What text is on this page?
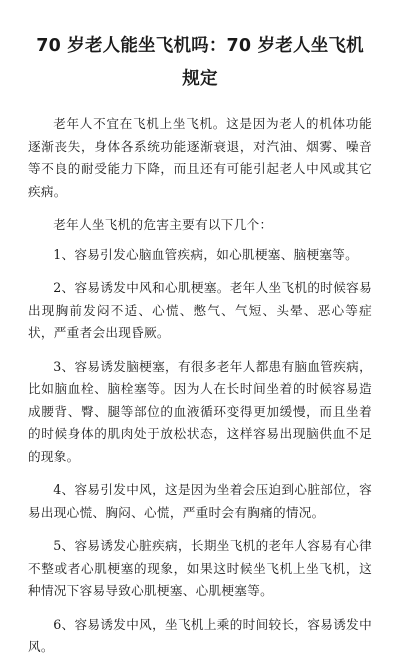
70 岁老人能坐飞机吗：70 岁老人坐飞机规定

老年人不宜在飞机上坐飞机。这是因为老人的机体功能逐渐丧失，身体各系统功能逐渐衰退，对汽油、烟雾、噪音等不良的耐受能力下降，而且还有可能引起老人中风或其它疾病。

老年人坐飞机的危害主要有以下几个：

1、容易引发心脑血管疾病，如心肌梗塞、脑梗塞等。

2、容易诱发中风和心肌梗塞。老年人坐飞机的时候容易出现胸前发闷不适、心慌、憋气、气短、头晕、恶心等症状，严重者会出现昏厥。

3、容易诱发脑梗塞，有很多老年人都患有脑血管疾病，比如脑血栓、脑栓塞等。因为人在长时间坐着的时候容易造成腰背、臀、腿等部位的血液循环变得更加缓慢，而且坐着的时候身体的肌肉处于放松状态，这样容易出现脑供血不足的现象。

4、容易引发中风，这是因为坐着会压迫到心脏部位，容易出现心慌、胸闷、心慌，严重时会有胸痛的情况。

5、容易诱发心脏疾病，长期坐飞机的老年人容易有心律不整或者心肌梗塞的现象，如果这时候坐飞机上坐飞机，这种情况下容易导致心肌梗塞、心肌梗塞等。

6、容易诱发中风，坐飞机上乘的时间较长，容易诱发中风。
